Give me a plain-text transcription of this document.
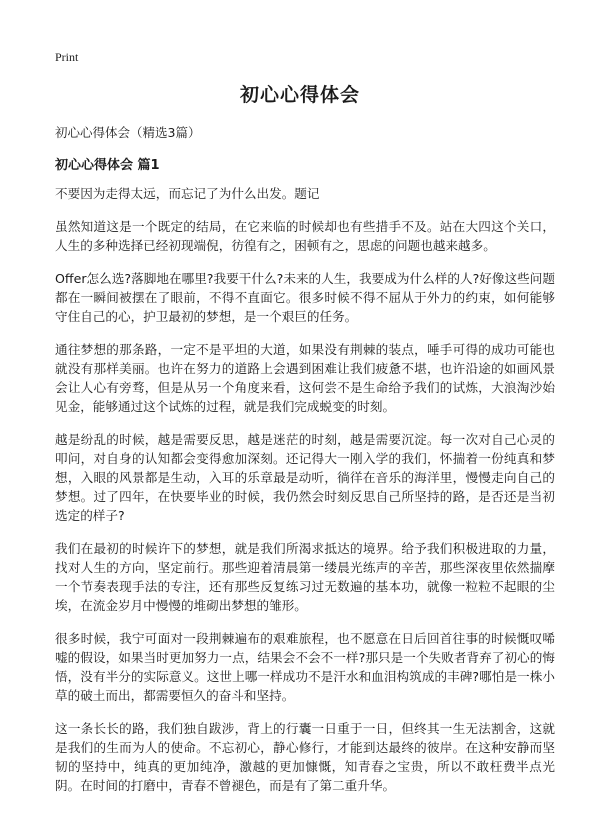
Print
初心心得体会
初心心得体会（精选3篇）
初心心得体会 篇1

不要因为走得太远，而忘记了为什么出发。题记

虽然知道这是一个既定的结局，在它来临的时候却也有些措手不及。站在大四这个关口，人生的多种选择已经初现端倪，彷徨有之，困顿有之，思虑的问题也越来越多。

Offer怎么选?落脚地在哪里?我要干什么?未来的人生，我要成为什么样的人?好像这些问题都在一瞬间被摆在了眼前，不得不直面它。很多时候不得不屈从于外力的约束，如何能够守住自己的心，护卫最初的梦想，是一个艰巨的任务。

通往梦想的那条路，一定不是平坦的大道，如果没有荆棘的装点，唾手可得的成功可能也就没有那样美丽。也许在努力的道路上会遇到困难让我们疲惫不堪，也许沿途的如画风景会让人心有旁骛，但是从另一个角度来看，这何尝不是生命给予我们的试炼，大浪淘沙始见金，能够通过这个试炼的过程，就是我们完成蜕变的时刻。

越是纷乱的时候，越是需要反思，越是迷茫的时刻，越是需要沉淀。每一次对自己心灵的叩问，对自身的认知都会变得愈加深刻。还记得大一刚入学的我们，怀揣着一份纯真和梦想，入眼的风景都是生动，入耳的乐章最是动听，徜徉在音乐的海洋里，慢慢走向自己的梦想。过了四年，在快要毕业的时候，我仍然会时刻反思自己所坚持的路，是否还是当初选定的样子?

我们在最初的时候许下的梦想，就是我们所渴求抵达的境界。给予我们积极进取的力量，找对人生的方向，坚定前行。那些迎着清晨第一缕晨光练声的辛苦，那些深夜里依然揣摩一个节奏表现手法的专注，还有那些反复练习过无数遍的基本功，就像一粒粒不起眼的尘埃，在流金岁月中慢慢的堆砌出梦想的雏形。

很多时候，我宁可面对一段荆棘遍布的艰难旅程，也不愿意在日后回首往事的时候慨叹唏嘘的假设，如果当时更加努力一点，结果会不会不一样?那只是一个失败者背弃了初心的悔悟，没有半分的实际意义。这世上哪一样成功不是汗水和血泪构筑成的丰碑?哪怕是一株小草的破土而出，都需要恒久的奋斗和坚持。

这一条长长的路，我们独自跋涉，背上的行囊一日重于一日，但终其一生无法割舍，这就是我们的生而为人的使命。不忘初心，静心修行，才能到达最终的彼岸。在这种安静而坚韧的坚持中，纯真的更加纯净，激越的更加慷慨，知青春之宝贵，所以不敢枉费半点光阴。在时间的打磨中，青春不曾褪色，而是有了第二重升华。
